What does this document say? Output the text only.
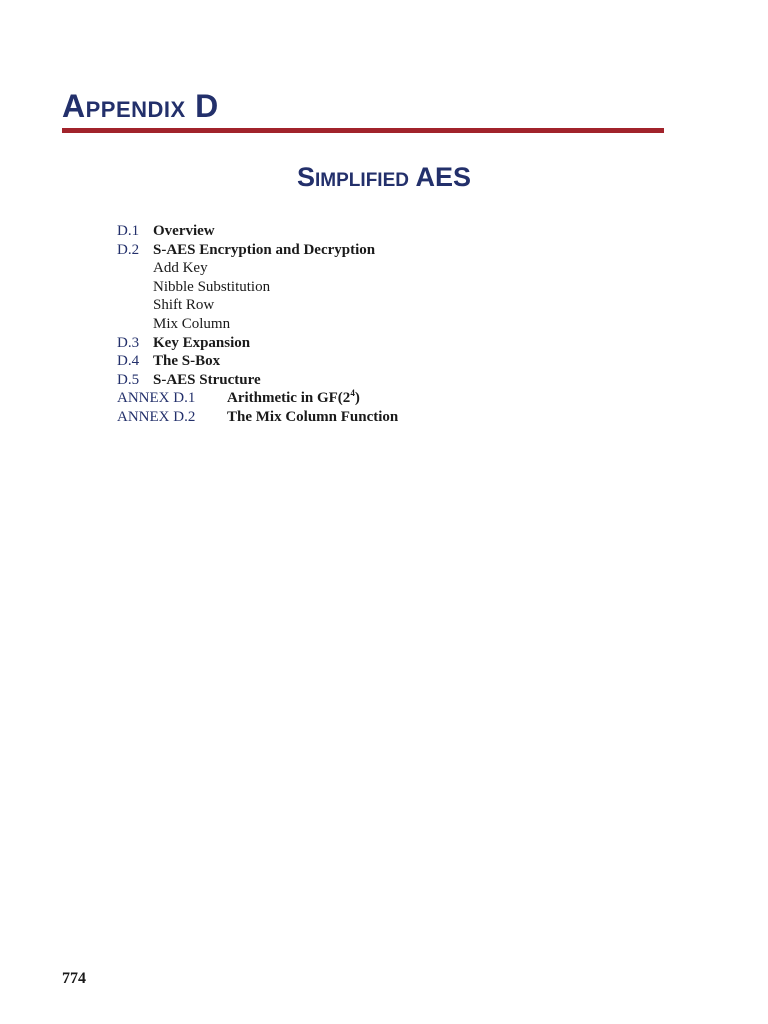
Appendix D
Simplified AES
D.1 Overview
D.2 S-AES Encryption and Decryption
Add Key
Nibble Substitution
Shift Row
Mix Column
D.3 Key Expansion
D.4 The S-Box
D.5 S-AES Structure
ANNEX D.1 Arithmetic in $GF(2^4)$
ANNEX D.2 The Mix Column Function
774
